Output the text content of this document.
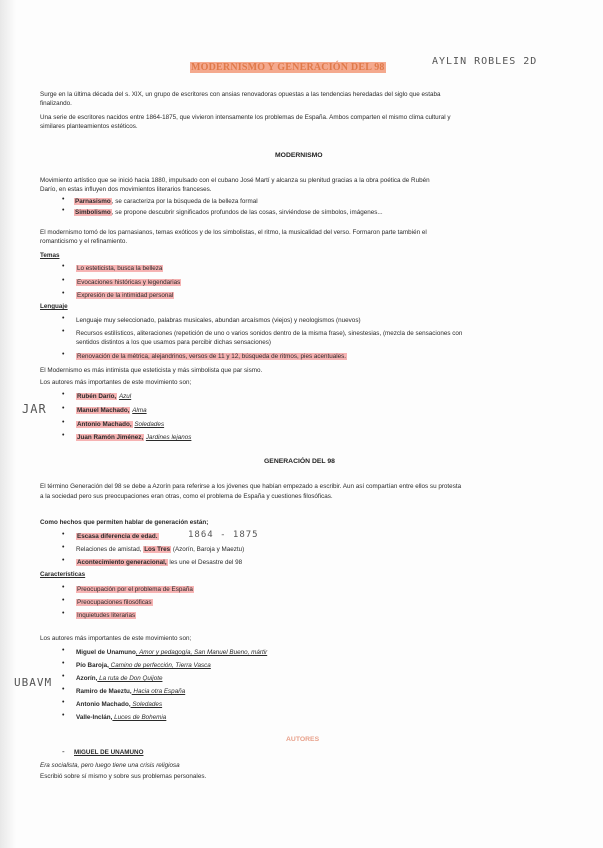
MODERNISMO Y GENERACIÓN DEL 98
AYLIN ROBLES 2D
Surge en la última década del s. XIX, un grupo de escritores con ansias renovadoras opuestas a las tendencias heredadas del siglo que estaba
finalizando.
Una serie de escritores nacidos entre 1864-1875, que vivieron intensamente los problemas de España. Ambos comparten el mismo clima cultural y
similares planteamientos estéticos.
MODERNISMO
Movimiento artístico que se inició hacia 1880, impulsado con el cubano José Martí y alcanza su plenitud gracias a la obra poética de Rubén
Darío, en estas influyen dos movimientos literarios franceses.
• Parnasismo, se caracteriza por la búsqueda de la belleza formal
• Simbolismo, se propone descubrir significados profundos de las cosas, sirviéndose de símbolos, imágenes...
El modernismo tomó de los parnasianos, temas exóticos y de los simbolistas, el ritmo, la musicalidad del verso. Formaron parte también el
romanticismo y el refinamiento.
Temas
• Lo esteticista, busca la belleza
• Evocaciones históricas y legendarias
• Expresión de la intimidad personal
Lenguaje
• Lenguaje muy seleccionado, palabras musicales, abundan arcaísmos (viejos) y neologismos (nuevos)
• Recursos estilísticos, aliteraciones (repetición de uno o varios sonidos dentro de la misma frase), sinestesias, (mezcla de sensaciones con
sentidos distintos a los que usamos para percibir dichas sensaciones)
• Renovación de la métrica, alejandrinos, versos de 11 y 12, búsqueda de ritmos, pies acentuales.
El Modernismo es más intimista que esteticista y más simbolista que par sismo.
Los autores más importantes de este movimiento son;
JAR
• Rubén Darío, Azul
• Manuel Machado, Alma
• Antonio Machado, Soledades
• Juan Ramón Jiménez, Jardines lejanos
GENERACIÓN DEL 98
El término Generación del 98 se debe a Azorín para referirse a los jóvenes que habían empezado a escribir. Aun así compartían entre ellos su protesta
a la sociedad pero sus preocupaciones eran otras, como el problema de España y cuestiones filosóficas.
Como hechos que permiten hablar de generación están;
• Escasa diferencia de edad.	1864 - 1875
• Relaciones de amistad, Los Tres (Azorín, Baroja y Maeztu)
• Acontecimiento generacional, les une el Desastre del 98
Características
• Preocupación por el problema de España
• Preocupaciones filosóficas
• Inquietudes literarias
Los autores más importantes de este movimiento son;
UBAVM
• Miguel de Unamuno, Amor y pedagogía, San Manuel Bueno, mártir
• Pío Baroja, Camino de perfección, Tierra Vasca
• Azorín, La ruta de Don Quijote
• Ramiro de Maeztu, Hacia otra España
• Antonio Machado, Soledades
• Valle-Inclán, Luces de Bohemia
AUTORES
- MIGUEL DE UNAMUNO
Era socialista, pero luego tiene una crisis religiosa
Escribió sobre sí mismo y sobre sus problemas personales.
